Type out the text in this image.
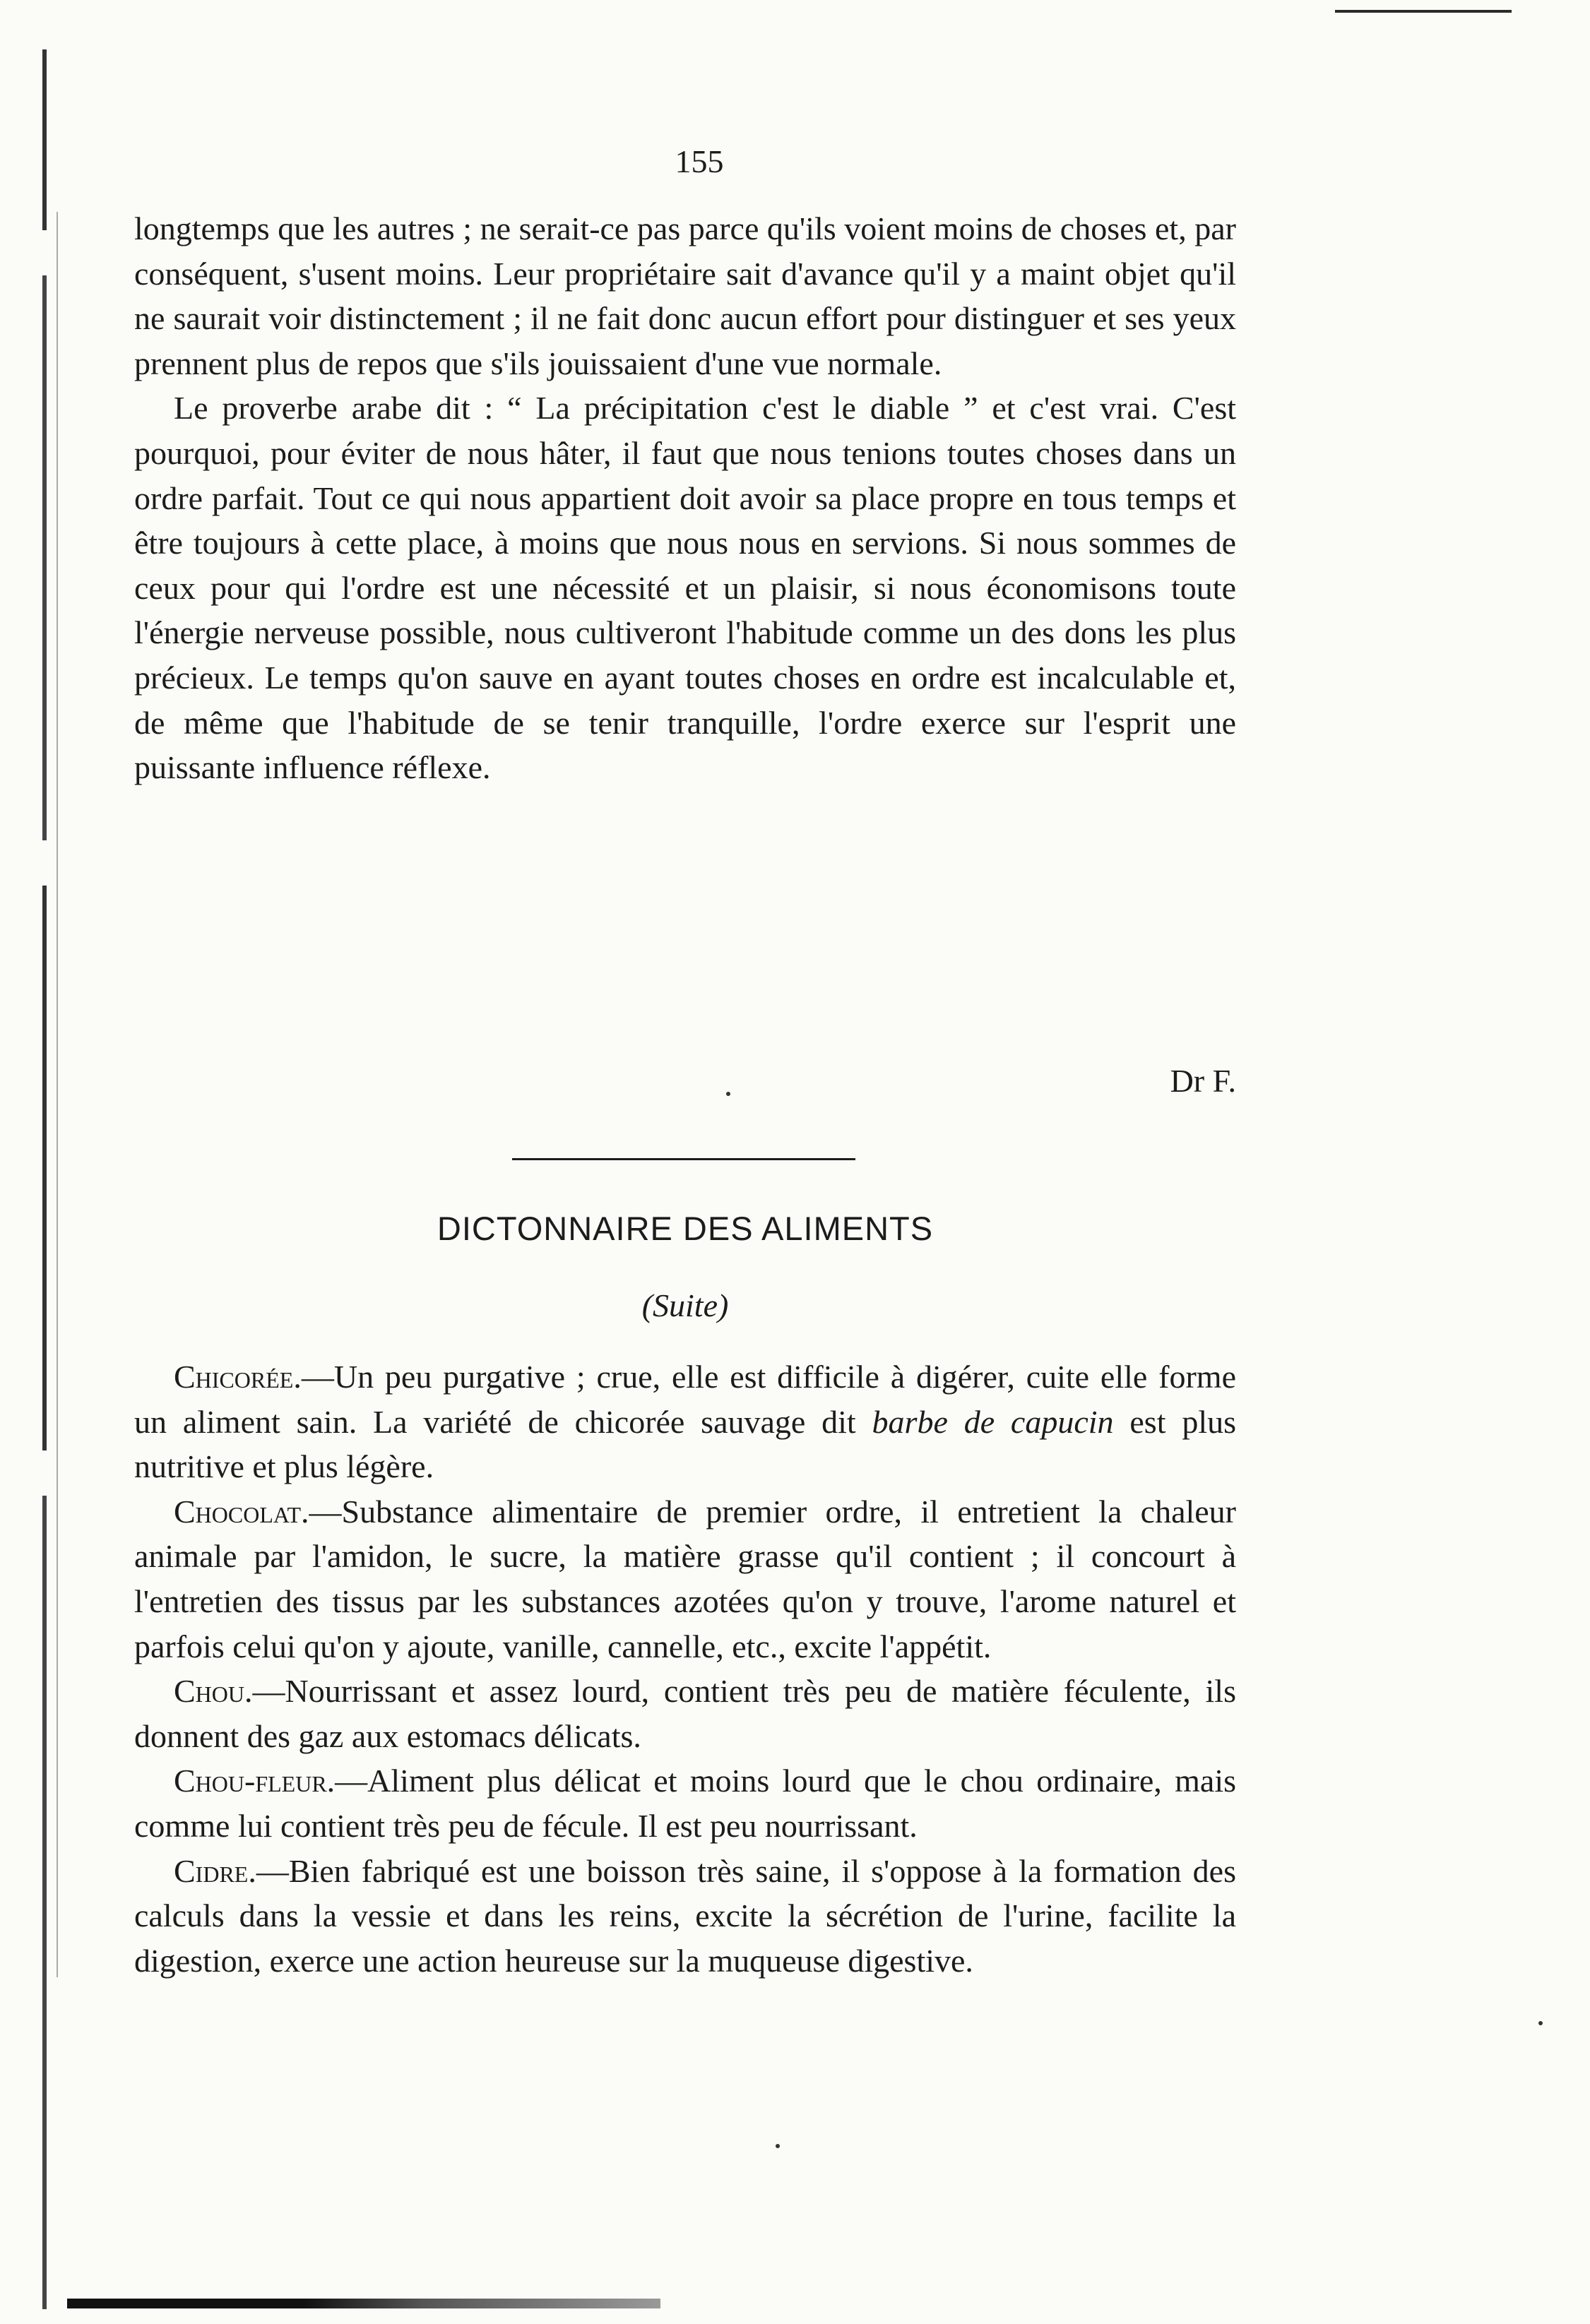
155

longtemps que les autres ; ne serait-ce pas parce qu'ils voient moins de choses et, par conséquent, s'usent moins. Leur propriétaire sait d'avance qu'il y a maint objet qu'il ne saurait voir distinctement ; il ne fait donc aucun effort pour distinguer et ses yeux prennent plus de repos que s'ils jouissaient d'une vue normale.

Le proverbe arabe dit : “ La précipitation c'est le diable ” et c'est vrai. C'est pourquoi, pour éviter de nous hâter, il faut que nous tenions toutes choses dans un ordre parfait. Tout ce qui nous appartient doit avoir sa place propre en tous temps et être toujours à cette place, à moins que nous nous en servions. Si nous sommes de ceux pour qui l'ordre est une nécessité et un plaisir, si nous économisons toute l'énergie nerveuse possible, nous cultiveront l'habitude comme un des dons les plus précieux. Le temps qu'on sauve en ayant toutes choses en ordre est incalculable et, de même que l'habitude de se tenir tranquille, l'ordre exerce sur l'esprit une puissante influence réflexe.

Dr F.
DICTONNAIRE DES ALIMENTS
(Suite)

Chicorée.—Un peu purgative ; crue, elle est difficile à digérer, cuite elle forme un aliment sain. La variété de chicorée sauvage dit barbe de capucin est plus nutritive et plus légère.

Chocolat.—Substance alimentaire de premier ordre, il entretient la chaleur animale par l'amidon, le sucre, la matière grasse qu'il contient ; il concourt à l'entretien des tissus par les substances azotées qu'on y trouve, l'arome naturel et parfois celui qu'on y ajoute, vanille, cannelle, etc., excite l'appétit.

Chou.—Nourrissant et assez lourd, contient très peu de matière féculente, ils donnent des gaz aux estomacs délicats.

Chou-fleur.—Aliment plus délicat et moins lourd que le chou ordinaire, mais comme lui contient très peu de fécule. Il est peu nourrissant.

Cidre.—Bien fabriqué est une boisson très saine, il s'oppose à la formation des calculs dans la vessie et dans les reins, excite la sécrétion de l'urine, facilite la digestion, exerce une action heureuse sur la muqueuse digestive.
